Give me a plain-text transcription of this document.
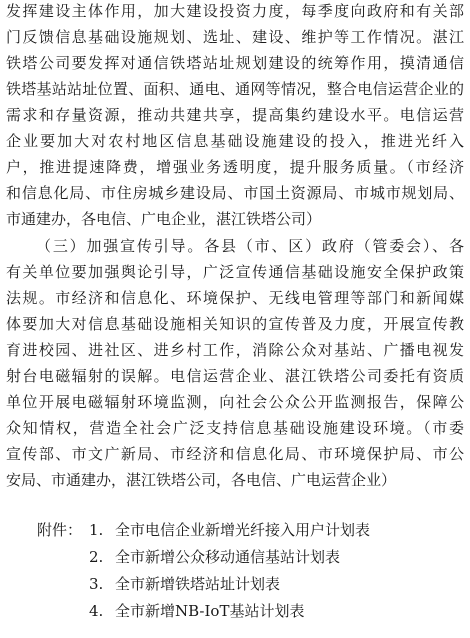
发挥建设主体作用，加大建设投资力度，每季度向政府和有关部
门反馈信息基础设施规划、选址、建设、维护等工作情况。湛江
铁塔公司要发挥对通信铁塔站址规划建设的统筹作用，摸清通信
铁塔基站站址位置、面积、通电、通网等情况，整合电信运营企业的
需求和存量资源，推动共建共享，提高集约建设水平。电信运营
企业要加大对农村地区信息基础设施建设的投入，推进光纤入
户，推进提速降费，增强业务透明度，提升服务质量。（市经济
和信息化局、市住房城乡建设局、市国土资源局、市城市规划局、
市通建办，各电信、广电企业，湛江铁塔公司）
（三）加强宣传引导。各县（市、区）政府（管委会）、各
有关单位要加强舆论引导，广泛宣传通信基础设施安全保护政策
法规。市经济和信息化、环境保护、无线电管理等部门和新闻媒
体要加大对信息基础设施相关知识的宣传普及力度，开展宣传教
育进校园、进社区、进乡村工作，消除公众对基站、广播电视发
射台电磁辐射的误解。电信运营企业、湛江铁塔公司委托有资质
单位开展电磁辐射环境监测，向社会公众公开监测报告，保障公
众知情权，营造全社会广泛支持信息基础设施建设环境。（市委
宣传部、市文广新局、市经济和信息化局、市环境保护局、市公
安局、市通建办，湛江铁塔公司，各电信、广电运营企业）
附件： 1. 全市电信企业新增光纤接入用户计划表
2. 全市新增公众移动通信基站计划表
3. 全市新增铁塔站址计划表
4. 全市新增NB-IoT基站计划表
